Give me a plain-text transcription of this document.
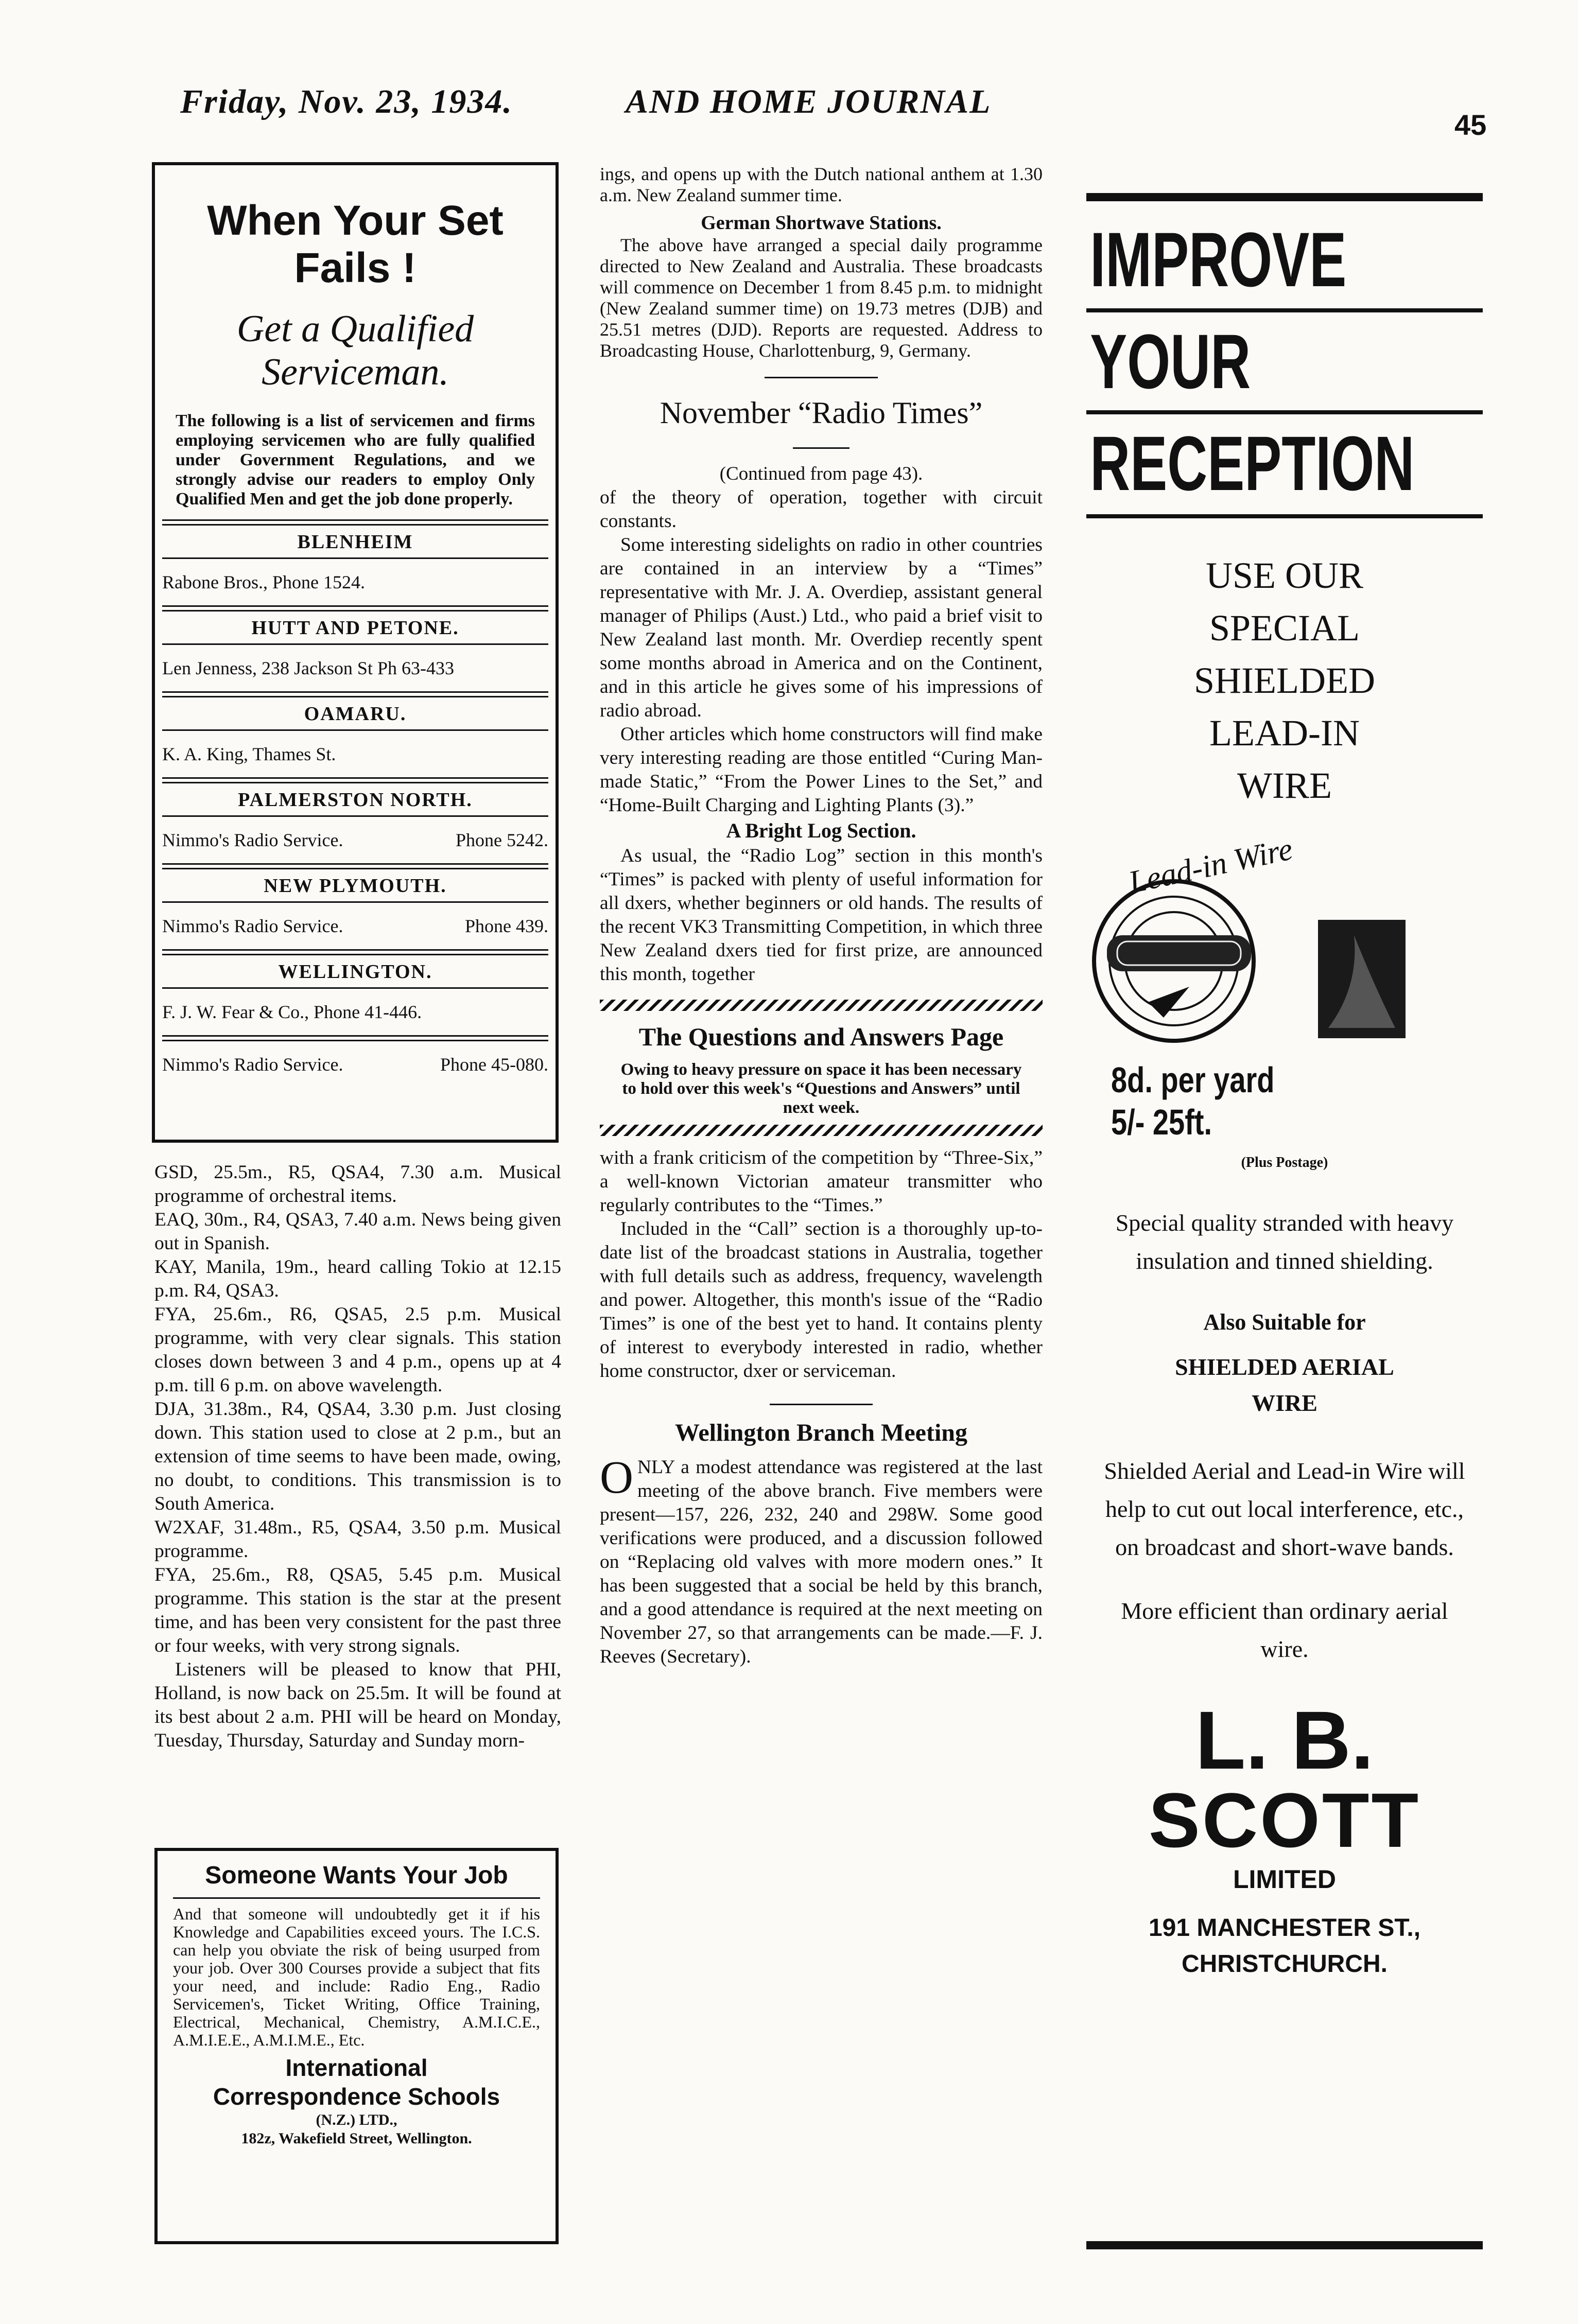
Friday, Nov. 23, 1934.	AND HOME JOURNAL
45
When Your Set Fails !
Get a Qualified Serviceman.
The following is a list of servicemen and firms employing servicemen who are fully qualified under Government Regulations, and we strongly advise our readers to employ Only Qualified Men and get the job done properly.
BLENHEIM
Rabone Bros., Phone 1524.
HUTT AND PETONE.
Len Jenness, 238 Jackson St Ph 63-433
OAMARU.
K. A. King, Thames St.
PALMERSTON NORTH.
Nimmo's Radio Service.	Phone 5242.
NEW PLYMOUTH.
Nimmo's Radio Service.	Phone 439.
WELLINGTON.
F. J. W. Fear & Co., Phone 41-446.
Nimmo's Radio Service.	Phone 45-080.

GSD, 25.5m., R5, QSA4, 7.30 a.m. Musical programme of orchestral items.

EAQ, 30m., R4, QSA3, 7.40 a.m. News being given out in Spanish.

KAY, Manila, 19m., heard calling Tokio at 12.15 p.m. R4, QSA3.

FYA, 25.6m., R6, QSA5, 2.5 p.m. Musical programme, with very clear signals. This station closes down between 3 and 4 p.m., opens up at 4 p.m. till 6 p.m. on above wavelength.

DJA, 31.38m., R4, QSA4, 3.30 p.m. Just closing down. This station used to close at 2 p.m., but an extension of time seems to have been made, owing, no doubt, to conditions. This transmission is to South America.

W2XAF, 31.48m., R5, QSA4, 3.50 p.m. Musical programme.

FYA, 25.6m., R8, QSA5, 5.45 p.m. Musical programme. This station is the star at the present time, and has been very consistent for the past three or four weeks, with very strong signals.

Listeners will be pleased to know that PHI, Holland, is now back on 25.5m. It will be found at its best about 2 a.m. PHI will be heard on Monday, Tuesday, Thursday, Saturday and Sunday morn-

Someone Wants Your Job
And that someone will undoubtedly get it if his Knowledge and Capabilities exceed yours. The I.C.S. can help you obviate the risk of being usurped from your job. Over 300 Courses provide a subject that fits your need, and include: Radio Eng., Radio Servicemen's, Ticket Writing, Office Training, Electrical, Mechanical, Chemistry, A.M.I.C.E., A.M.I.E.E., A.M.I.M.E., Etc.
International
Correspondence Schools
(N.Z.) LTD.,
182z, Wakefield Street, Wellington.

ings, and opens up with the Dutch national anthem at 1.30 a.m. New Zealand summer time.

German Shortwave Stations.

The above have arranged a special daily programme directed to New Zealand and Australia. These broadcasts will commence on December 1 from 8.45 p.m. to midnight (New Zealand summer time) on 19.73 metres (DJB) and 25.51 metres (DJD). Reports are requested. Address to Broadcasting House, Charlottenburg, 9, Germany.

November “Radio Times”
(Continued from page 43).

of the theory of operation, together with circuit constants.

Some interesting sidelights on radio in other countries are contained in an interview by a “Times” representative with Mr. J. A. Overdiep, assistant general manager of Philips (Aust.) Ltd., who paid a brief visit to New Zealand last month. Mr. Overdiep recently spent some months abroad in America and on the Continent, and in this article he gives some of his impressions of radio abroad.

Other articles which home constructors will find make very interesting reading are those entitled “Curing Man-made Static,” “From the Power Lines to the Set,” and “Home-Built Charging and Lighting Plants (3).”

A Bright Log Section.

As usual, the “Radio Log” section in this month's “Times” is packed with plenty of useful information for all dxers, whether beginners or old hands. The results of the recent VK3 Transmitting Competition, in which three New Zealand dxers tied for first prize, are announced this month, together

The Questions and Answers Page
Owing to heavy pressure on space it has been necessary to hold over this week's “Questions and Answers” until next week.

with a frank criticism of the competition by “Three-Six,” a well-known Victorian amateur transmitter who regularly contributes to the “Times.”

Included in the “Call” section is a thoroughly up-to-date list of the broadcast stations in Australia, together with full details such as address, frequency, wavelength and power. Altogether, this month's issue of the “Radio Times” is one of the best yet to hand. It contains plenty of interest to everybody interested in radio, whether home constructor, dxer or serviceman.

Wellington Branch Meeting
ONLY a modest attendance was registered at the last meeting of the above branch. Five members were present—157, 226, 232, 240 and 298W. Some good verifications were produced, and a discussion followed on “Replacing old valves with more modern ones.” It has been suggested that a social be held by this branch, and a good attendance is required at the next meeting on November 27, so that arrangements can be made.—F. J. Reeves (Secretary).
IMPROVE
YOUR
RECEPTION
USE OUR
SPECIAL
SHIELDED
LEAD-IN
WIRE
Lead-in Wire
8d. per yard
5/- 25ft.
(Plus Postage)
Special quality stranded with heavy insulation and tinned shielding.
Also Suitable for
SHIELDED AERIAL WIRE
Shielded Aerial and Lead-in Wire will help to cut out local interference, etc., on broadcast and short-wave bands.
More efficient than ordinary aerial wire.
L. B.
SCOTT
LIMITED
191 MANCHESTER ST.,
CHRISTCHURCH.
